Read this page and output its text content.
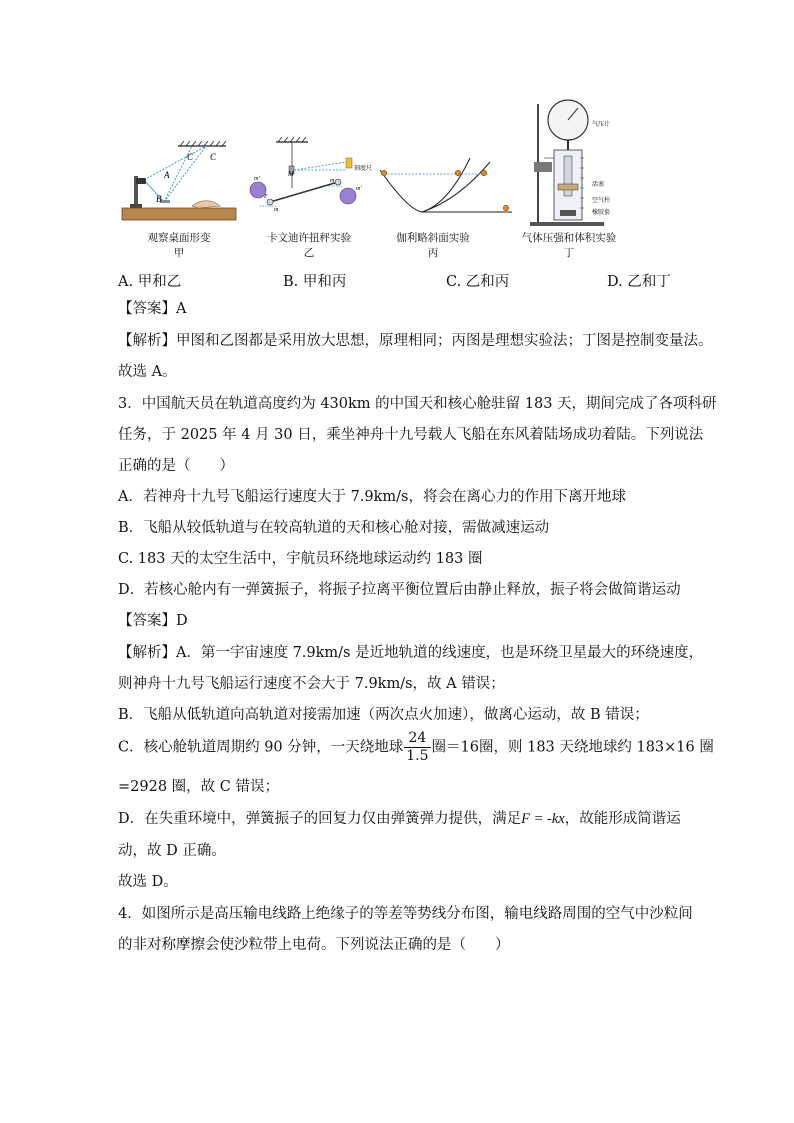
C C
A
B
M
m'
F
m
m
m'
刻度尺
气压计
活塞
空气柱
橡胶套
观察桌面形变
甲
卡文迪许扭秤实验
乙
伽利略斜面实验
丙
气体压强和体积实验
丁
A. 甲和乙	B. 甲和丙	C. 乙和丙	D. 乙和丁
【答案】A
【解析】甲图和乙图都是采用放大思想，原理相同；丙图是理想实验法；丁图是控制变量法。
故选 A。
3．中国航天员在轨道高度约为 430km 的中国天和核心舱驻留 183 天，期间完成了各项科研
任务，于 2025 年 4 月 30 日，乘坐神舟十九号载人飞船在东风着陆场成功着陆。下列说法
正确的是（　　）
A．若神舟十九号飞船运行速度大于 7.9km/s，将会在离心力的作用下离开地球
B．飞船从较低轨道与在较高轨道的天和核心舱对接，需做减速运动
C. 183 天的太空生活中，宇航员环绕地球运动约 183 圈
D．若核心舱内有一弹簧振子，将振子拉离平衡位置后由静止释放，振子将会做简谐运动
【答案】D
【解析】A．第一宇宙速度 7.9km/s 是近地轨道的线速度，也是环绕卫星最大的环绕速度，
则神舟十九号飞船运行速度不会大于 7.9km/s，故 A 错误；
B．飞船从低轨道向高轨道对接需加速（两次点火加速），做离心运动，故 B 错误；
C．核心舱轨道周期约 90 分钟，一天绕地球 $\frac{24}{1.5}$ 圈＝16圈，则 183 天绕地球约 183×16 圈
=2928 圈，故 C 错误；
D．在失重环境中，弹簧振子的回复力仅由弹簧弹力提供，满足F = -kx，故能形成简谐运
动，故 D 正确。
故选 D。
4．如图所示是高压输电线路上绝缘子的等差等势线分布图，输电线路周围的空气中沙粒间
的非对称摩擦会使沙粒带上电荷。下列说法正确的是（　　）
